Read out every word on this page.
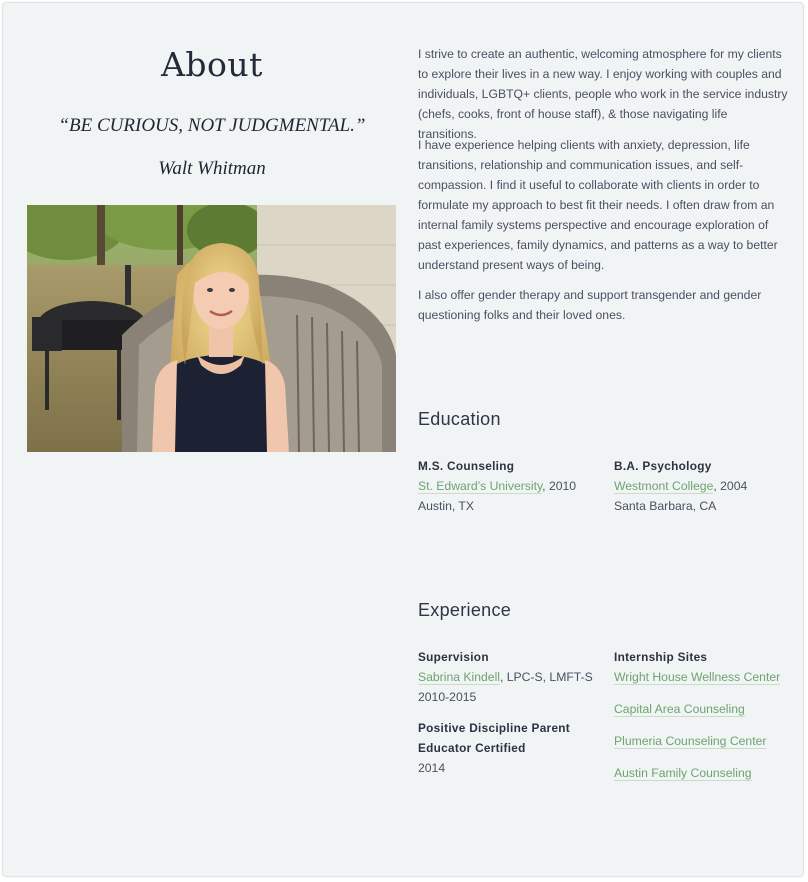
About
“BE CURIOUS, NOT JUDGMENTAL.”
Walt Whitman

I strive to create an authentic, welcoming atmosphere for my clients to explore their lives in a new way. I enjoy working with couples and individuals, LGBTQ+ clients, people who work in the service industry (chefs, cooks, front of house staff), & those navigating life transitions.

I have experience helping clients with anxiety, depression, life transitions, relationship and communication issues, and self-compassion. I find it useful to collaborate with clients in order to formulate my approach to best fit their needs. I often draw from an internal family systems perspective and encourage exploration of past experiences, family dynamics, and patterns as a way to better understand present ways of being.

I also offer gender therapy and support transgender and gender questioning folks and their loved ones.

Education
M.S. Counseling
St. Edward’s University, 2010
Austin, TX
B.A. Psychology
Westmont College, 2004
Santa Barbara, CA
Experience
Supervision
Sabrina Kindell, LPC-S, LMFT-S
2010-2015
Positive Discipline Parent
Educator Certified
2014
Internship Sites
Wright House Wellness Center
Capital Area Counseling
Plumeria Counseling Center
Austin Family Counseling
